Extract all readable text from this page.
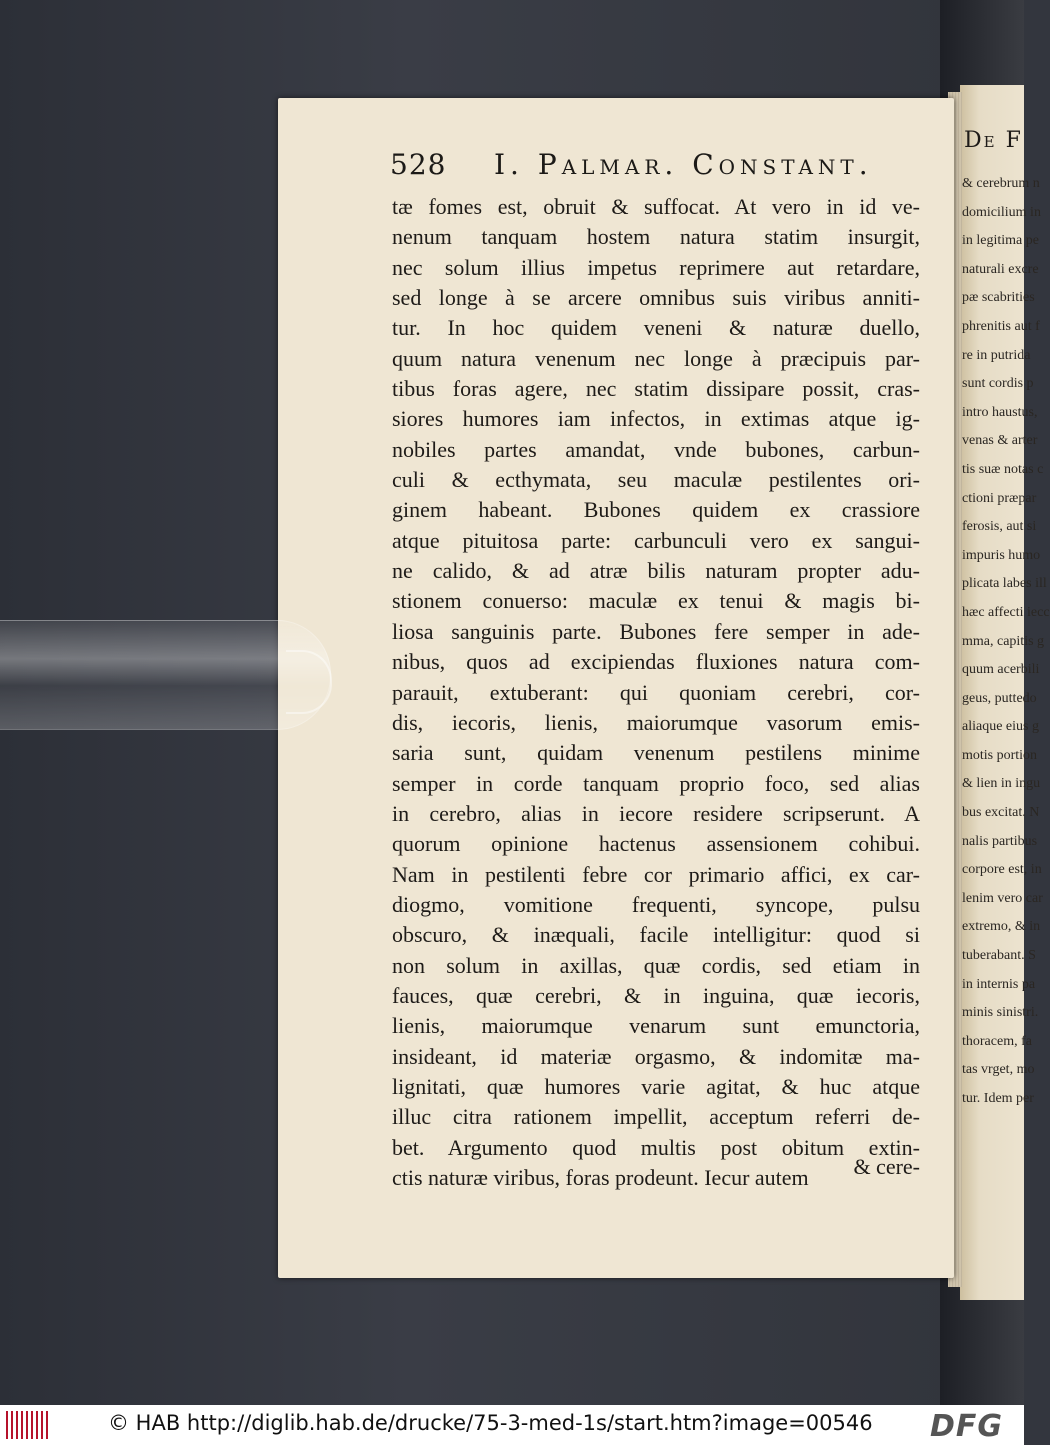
De F
& cerebrum n
domicilium in
in legitima pe
naturali excre
pæ scabrities
phrenitis aut f
re in putrida
sunt cordis p
intro haustus,
venas & arter
tis suæ notas c
ctioni præpar
ferosis, aut si
impuris humo
plicata labes ill
hæc affecti iecc
mma, capitis g
quum acerbili
geus, puttedo
aliaque eius g
motis portion
& lien in ingu
bus excitat. N
nalis partibus
corpore est, in
lenim vero car
extremo, & in
tuberabant. S
in internis pa
minis sinistri.
thoracem, fa
tas vrget, mo
tur. Idem per
528	I. Palmar. Constant.
tæ fomes est, obruit & suffocat. At vero in id ve-
nenum tanquam hostem natura statim insurgit,
nec solum illius impetus reprimere aut retardare,
sed longe à se arcere omnibus suis viribus anniti-
tur. In hoc quidem veneni & naturæ duello,
quum natura venenum nec longe à præcipuis par-
tibus foras agere, nec statim dissipare possit, cras-
siores humores iam infectos, in extimas atque ig-
nobiles partes amandat, vnde bubones, carbun-
culi & ecthymata, seu maculæ pestilentes ori-
ginem habeant. Bubones quidem ex crassiore
atque pituitosa parte: carbunculi vero ex sangui-
ne calido, & ad atræ bilis naturam propter adu-
stionem conuerso: maculæ ex tenui & magis bi-
liosa sanguinis parte. Bubones fere semper in ade-
nibus, quos ad excipiendas fluxiones natura com-
parauit, extuberant: qui quoniam cerebri, cor-
dis, iecoris, lienis, maiorumque vasorum emis-
saria sunt, quidam venenum pestilens minime
semper in corde tanquam proprio foco, sed alias
in cerebro, alias in iecore residere scripserunt. A
quorum opinione hactenus assensionem cohibui.
Nam in pestilenti febre cor primario affici, ex car-
diogmo, vomitione frequenti, syncope, pulsu
obscuro, & inæquali, facile intelligitur: quod si
non solum in axillas, quæ cordis, sed etiam in
fauces, quæ cerebri, & in inguina, quæ iecoris,
lienis, maiorumque venarum sunt emunctoria,
insideant, id materiæ orgasmo, & indomitæ ma-
lignitati, quæ humores varie agitat, & huc atque
illuc citra rationem impellit, acceptum referri de-
bet. Argumento quod multis post obitum extin-
ctis naturæ viribus, foras prodeunt. Iecur autem	& cere-
© HAB http://diglib.hab.de/drucke/75-3-med-1s/start.htm?image=00546 DFG
